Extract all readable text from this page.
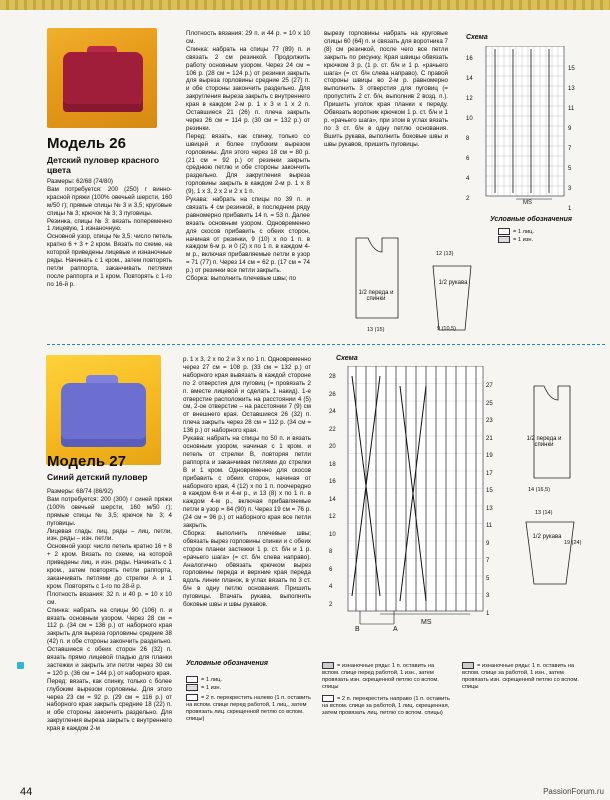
Модель 26
Детский пуловер красного цвета

Размеры: 62/68 (74/80)

Вам потребуется: 200 (250) г винно-красной пряжи (100% овечьей шерсти, 160 м/50 г); прямые спицы № 3 и 3,5; круговые спицы № 3; крючок № 3; 3 пуговицы.

Резинка, спицы № 3: вязать попеременно 1 лицевую, 1 изнаночную.

Основной узор, спицы № 3,5: число петель кратно 6 + 3 + 2 кром. Вязать по схеме, на которой приведены лицевые и изнаночные ряды. Начинать с 1 кром., затем повторять петли раппорта, заканчивать петлями после раппорта и 1 кром. Повторять с 1-го по 16-й р.

Плотность вязания: 29 п. и 44 р. = 10 х 10 см.

Спинка: набрать на спицы 77 (89) п. и связать 2 см резинкой. Продолжить работу основным узором. Через 24 см = 106 р. (28 см = 124 р.) от резинки закрыть для выреза горловины средние 25 (27) п. и обе стороны закончить раздельно. Для закругления выреза закрыть с внутреннего края в каждом 2-м р. 1 х 3 и 1 х 2 п. Оставшиеся 21 (26) п. плеча закрыть через 26 см = 114 р. (30 см = 132 р.) от резинки.

Перед: вязать, как спинку, только со швицей и более глубоким вырезом горловины. Для этого через 18 см = 80 р. (21 см = 92 р.) от резинки закрыть среднюю петлю и обе стороны закончить раздельно. Для закругления выреза горловины закрыть в каждом 2-м р. 1 х 8 (9), 1 х 3, 2 х 2 и 2 х 1 п.

Рукава: набрать на спицы по 39 п. и связать 4 см резинкой, в последнем ряду равномерно прибавить 14 п. = 53 п. Далее вязать основным узором. Одновременно для скосов прибавить с обеих сторон, начиная от резинки, 9 (10) х по 1 п. в каждом 6-м р. и 0 (2) х по 1 п. в каждом 4-м р., включая прибавляемые петли в узор = 71 (77) п. Через 14 см = 62 р. (17 см = 74 р.) от резинки все петли закрыть.

Сборка: выполнить плечевые швы; по

вырезу горловины набрать на круговые спицы 60 (64) п. и связать для воротника 7 (8) см резинкой, после чего все петли закрыть по рисунку. Края швицы обвязать крючком 3 р. (1 р. ст. б/н и 1 р. «рачьего шага» (= ст. б/н слева направо). С правой стороны швицы во 2-м р. равномерно выполнить 3 отверстия для пуговиц (= пропустить 2 ст. б/н, выполнив 2 возд. п.). Пришить уголок края планки к переду. Обвязать воротник крючком 1 р. ст. б/н и 1 р. «рачьего шага», при этом в углах вязать по 3 ст. б/н в одну петлю основания. Вшить рукава, выполнить боковые швы и швы рукавов, пришить пуговицы.

Схема
16
14
12
10
8
6
4
2
15
13
11
9
7
5
3
1
MS
Условные обозначения
= 1 лиц.
= 1 изн.
1/2 переда и спинки
1/2 рукава
12 (13)
9 (10,5)
13 (15)
Модель 27
Синий детский пуловер

Размеры: 68/74 (86/92)

Вам потребуется: 200 (300) г синей пряжи (100% овечьей шерсти, 160 м/50 г); прямые спицы № 3,5; крючок № 3; 4 пуговицы.

Лицевая гладь: лиц. ряды – лиц. петли, изн. ряды – изн. петли.

Основной узор: число петель кратно 16 + 8 + 2 кром. Вязать по схеме, на которой приведены лиц. и изн. ряды. Начинать с 1 кром., затем повторять петли раппорта, заканчивать петлями до стрелки А и 1 кром. Повторять с 1-го по 28-й р.

Плотность вязания: 32 п. и 40 р. = 10 х 10 см.

Спинка: набрать на спицы 90 (106) п. и вязать основным узором. Через 28 см = 112 р. (34 см = 136 р.) от наборного края закрыть для выреза горловины средние 38 (42) п. и обе стороны закончить раздельно. Оставшиеся с обеих сторон 26 (32) п. вязать прямо лицевой гладью для планки застежки и закрыть эти петли через 30 см = 120 р. (36 см = 144 р.) от наборного края.

Перед: вязать, как спинку, только с более глубоким вырезом горловины. Для этого через 23 см = 92 р. (29 см = 116 р.) от наборного края закрыть средние 18 (22) п. и обе стороны закончить раздельно. Для закругления выреза закрыть с внутреннего края в каждом 2-м

р. 1 х 3, 2 х по 2 и 3 х по 1 п. Одновременно через 27 см = 108 р. (33 см = 132 р.) от наборного края вывязать в каждой стороне по 2 отверстия для пуговиц (= провязать 2 п. вместе лицевой и сделать 1 накид). 1-е отверстие расположить на расстоянии 4 (5) см, 2-ое отверстие – на расстоянии 7 (9) см от внешнего края. Оставшиеся 26 (32) п. плеча закрыть через 28 см = 112 р. (34 см = 136 р.) от наборного края.

Рукава: набрать на спицы по 50 п. и вязать основным узором, начиная с 1 кром. и петель от стрелки В, повторяя петли раппорта и заканчивая петлями до стрелки В и 1 кром. Одновременно для скосов прибавить с обеих сторон, начиная от наборного края, 4 (12) х по 1 п. поочередно в каждом 6-м и 4-м р., и 13 (8) х по 1 п. в каждом 4-м р., включая прибавляемые петли в узор = 84 (90) п. Через 19 см = 76 р. (24 см = 96 р.) от наборного края все петли закрыть.

Сборка: выполнить плечевые швы; обвязать вырез горловины спинки и с обеих сторон планки застежки 1 р. ст. б/н и 1 р. «рачьего шага» (= ст. б/н слева направо). Аналогично обвязать крючком вырез горловины переда и верхние края переда вдоль линии планок, в углах вязать по 3 ст. б/н в одну петлю основания. Пришить пуговицы. Втачать рукава, выполнить боковые швы и швы рукавов.

Схема
28
26
24
22
20
18
16
14
12
10
8
6
4
2
27
25
23
21
19
17
15
13
11
9
7
5
3
1
B	A
MS
1/2 переда и спинки
14 (16,5)
1/2 рукава
13 (14)
19 (24)
Условные обозначения
= 1 лиц.
= 1 изн.
= 2 п. перекрестить налево (1 п. оставить на вспом. спице перед работой, 1 лиц., затем провязать лиц. скрещенной петлю со вспом. спицы)
= изнаночные ряды: 1 п. оставить на вспом. спице перед работой, 1 изн., затем провязать изн. скрещенной петлю со вспом. спицы
= 2 п. перекрестить направо (1 п. оставить на вспом. спице за работой, 1 лиц. скрещенная, затем провязать лиц. петлю со вспом. спицы)
= изнаночные ряды: 1 п. оставить на вспом. спице за работой, 1 изн., затем провязать изн. скрещенной петлю со вспом. спицы
44	PassionForum.ru
